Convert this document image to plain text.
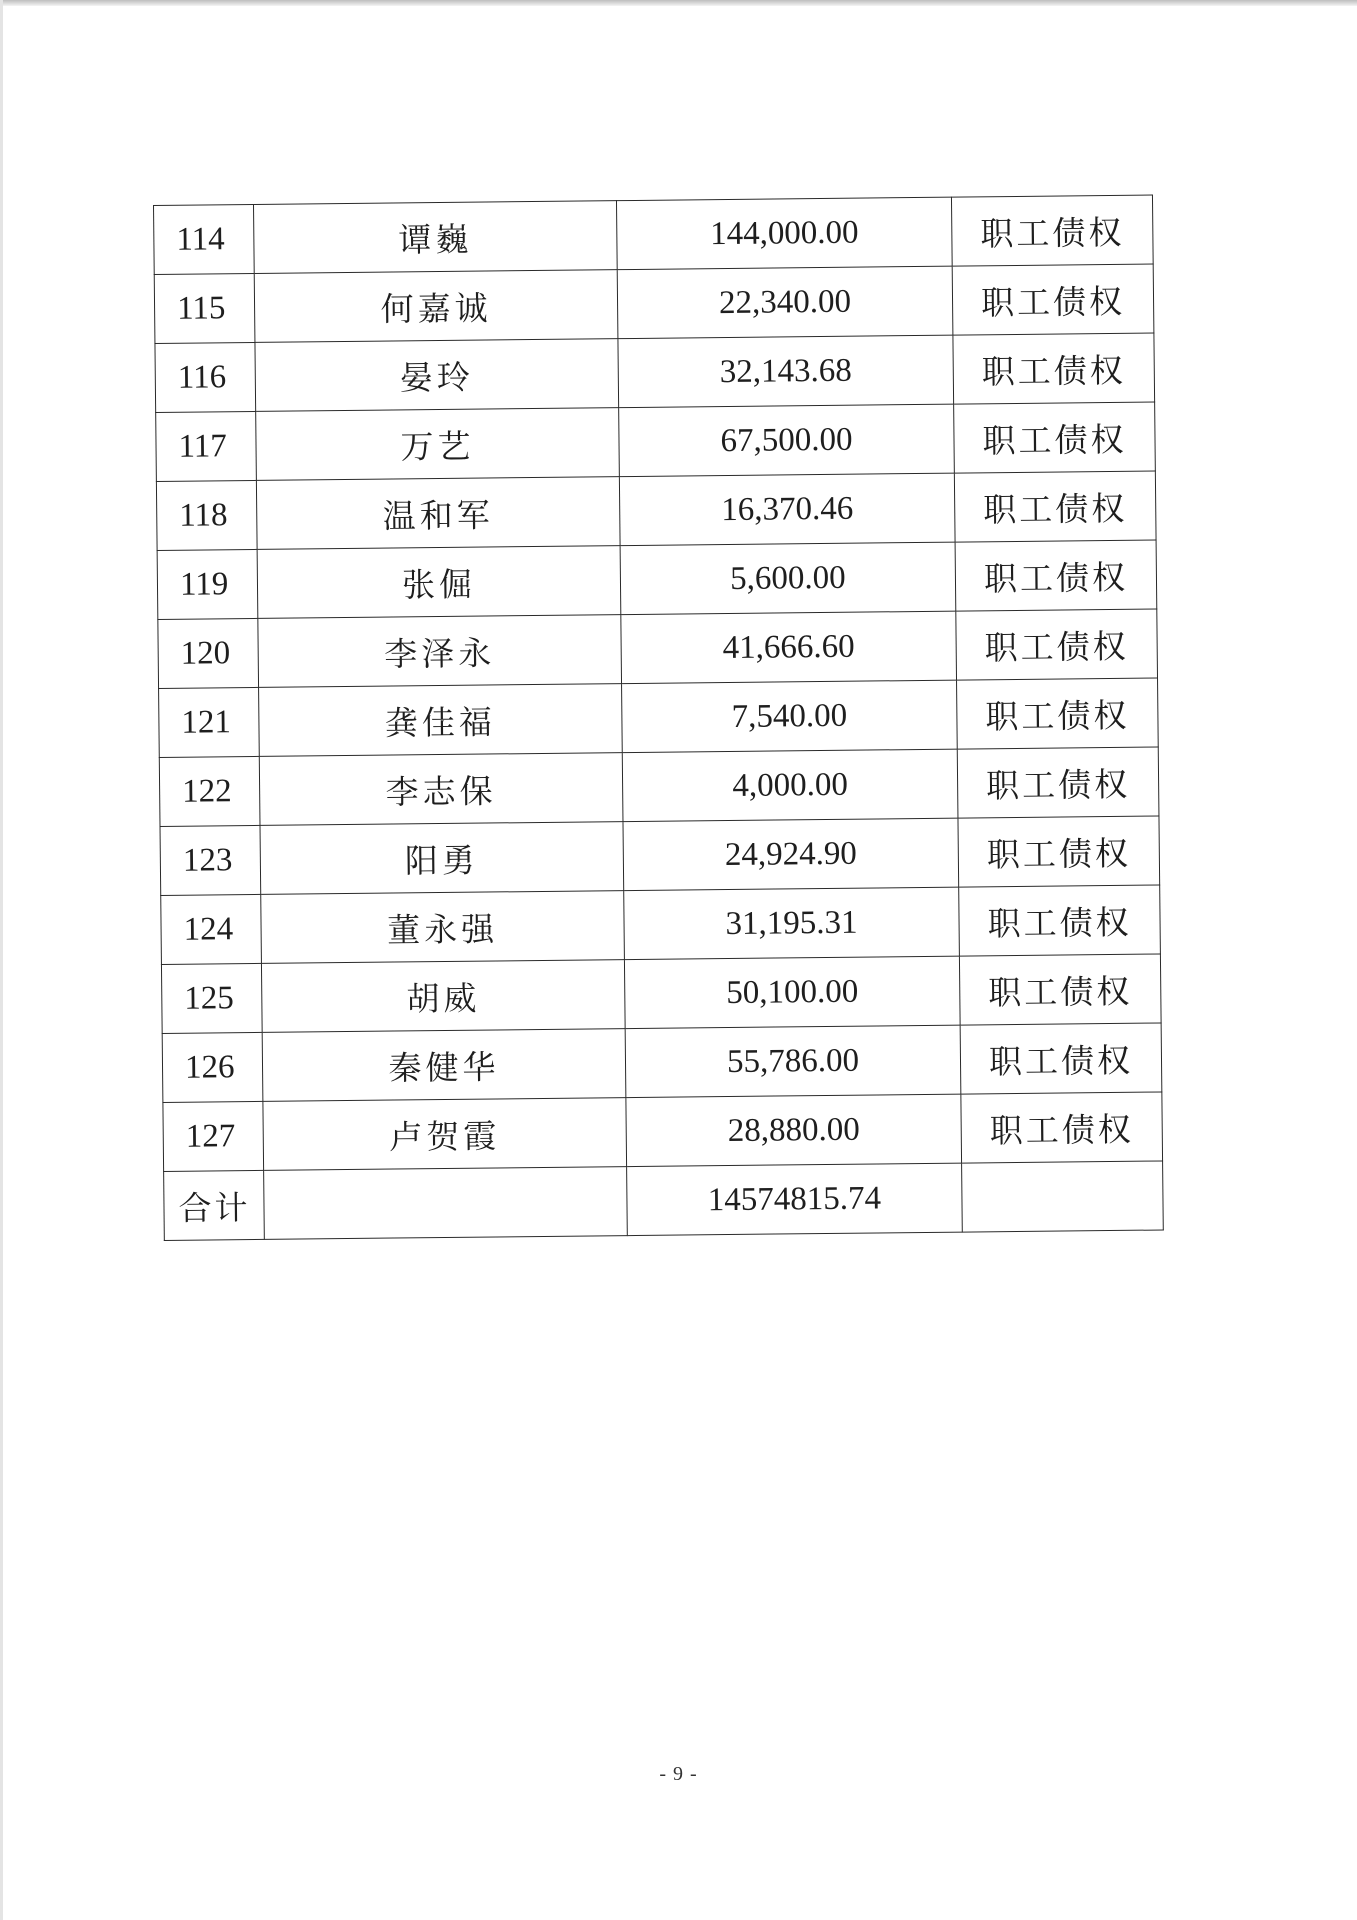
114	谭巍	144,000.00	职工债权
115	何嘉诚	22,340.00	职工债权
116	晏玲	32,143.68	职工债权
117	万艺	67,500.00	职工债权
118	温和军	16,370.46	职工债权
119	张倔	5,600.00	职工债权
120	李泽永	41,666.60	职工债权
121	龚佳福	7,540.00	职工债权
122	李志保	4,000.00	职工债权
123	阳勇	24,924.90	职工债权
124	董永强	31,195.31	职工债权
125	胡威	50,100.00	职工债权
126	秦健华	55,786.00	职工债权
127	卢贺霞	28,880.00	职工债权
合计		14574815.74	
- 9 -
